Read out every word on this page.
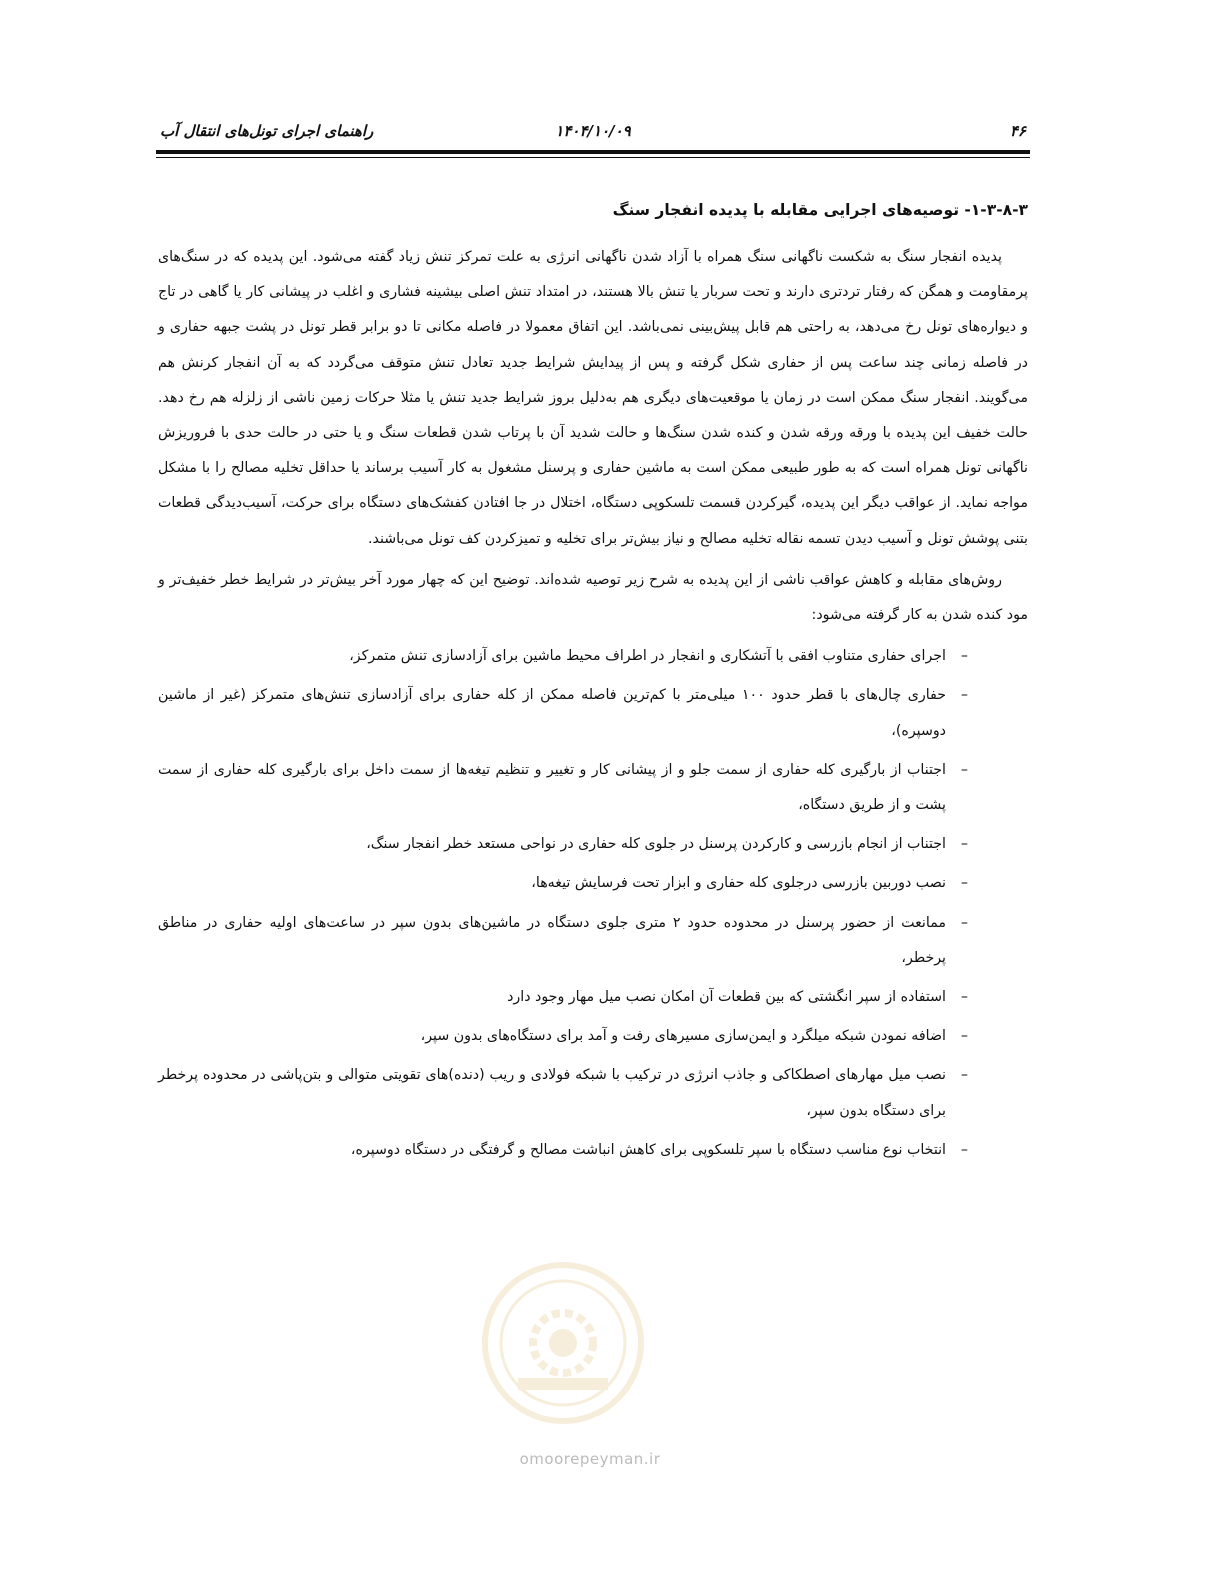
راهنمای اجرای تونل‌های انتقال آب	۱۴۰۴/۱۰/۰۹	۴۶
۱-۳-۸-۳- توصیه‌های اجرایی مقابله با پدیده انفجار سنگ

پدیده انفجار سنگ به شکست ناگهانی سنگ همراه با آزاد شدن ناگهانی انرژی به علت تمرکز تنش زیاد گفته می‌شود. این پدیده که در سنگ‌های پرمقاومت و همگن که رفتار تردتری دارند و تحت سربار یا تنش بالا هستند، در امتداد تنش اصلی بیشینه فشاری و اغلب در پیشانی کار یا گاهی در تاج و دیواره‌های تونل رخ می‌دهد، به راحتی هم قابل پیش‌بینی نمی‌باشد. این اتفاق معمولا در فاصله مکانی تا دو برابر قطر تونل در پشت جبهه حفاری و در فاصله زمانی چند ساعت پس از حفاری شکل گرفته و پس از پیدایش شرایط جدید تعادل تنش متوقف می‌گردد که به آن انفجار کرنش هم می‌گویند. انفجار سنگ ممکن است در زمان یا موقعیت‌های دیگری هم به‌دلیل بروز شرایط جدید تنش یا مثلا حرکات زمین ناشی از زلزله هم رخ دهد. حالت خفیف این پدیده با ورقه ورقه شدن و کنده شدن سنگ‌ها و حالت شدید آن با پرتاب شدن قطعات سنگ و یا حتی در حالت حدی با فروریزش ناگهانی تونل همراه است که به طور طبیعی ممکن است به ماشین حفاری و پرسنل مشغول به کار آسیب برساند یا حداقل تخلیه مصالح را با مشکل مواجه نماید. از عواقب دیگر این پدیده، گیرکردن قسمت تلسکوپی دستگاه، اختلال در جا افتادن کفشک‌های دستگاه برای حرکت، آسیب‌دیدگی قطعات بتنی پوشش تونل و آسیب دیدن تسمه نقاله تخلیه مصالح و نیاز بیش‌تر برای تخلیه و تمیزکردن کف تونل می‌باشند.

روش‌های مقابله و کاهش عواقب ناشی از این پدیده به شرح زیر توصیه شده‌اند. توضیح این که چهار مورد آخر بیش‌تر در شرایط خطر خفیف‌تر و مود کنده شدن به کار گرفته می‌شود:

–
اجرای حفاری متناوب افقی با آتشکاری و انفجار در اطراف محیط ماشین برای آزادسازی تنش متمرکز،
–
حفاری چال‌های با قطر حدود ۱۰۰ میلی‌متر با کم‌ترین فاصله ممکن از کله حفاری برای آزادسازی تنش‌های متمرکز (غیر از ماشین دوسپره)،
–
اجتناب از بارگیری کله حفاری از سمت جلو و از پیشانی کار و تغییر و تنظیم تیغه‌ها از سمت داخل برای بارگیری کله حفاری از سمت پشت و از طریق دستگاه،
–
اجتناب از انجام بازرسی و کارکردن پرسنل در جلوی کله حفاری در نواحی مستعد خطر انفجار سنگ،
–
نصب دوربین بازرسی درجلوی کله حفاری و ابزار تحت فرسایش تیغه‌ها،
–
ممانعت از حضور پرسنل در محدوده حدود ۲ متری جلوی دستگاه در ماشین‌های بدون سپر در ساعت‌های اولیه حفاری در مناطق پرخطر،
–
استفاده از سپر انگشتی که بین قطعات آن امکان نصب میل مهار وجود دارد
–
اضافه نمودن شبکه میلگرد و ایمن‌سازی مسیرهای رفت و آمد برای دستگاه‌های بدون سپر،
–
نصب میل مهارهای اصطکاکی و جاذب انرژی در ترکیب با شبکه فولادی و ریب (دنده)‌های تقویتی متوالی و بتن‌پاشی در محدوده پرخطر برای دستگاه بدون سپر،
–
انتخاب نوع مناسب دستگاه با سپر تلسکوپی برای کاهش انباشت مصالح و گرفتگی در دستگاه دوسپره،
omoorepeyman.ir
